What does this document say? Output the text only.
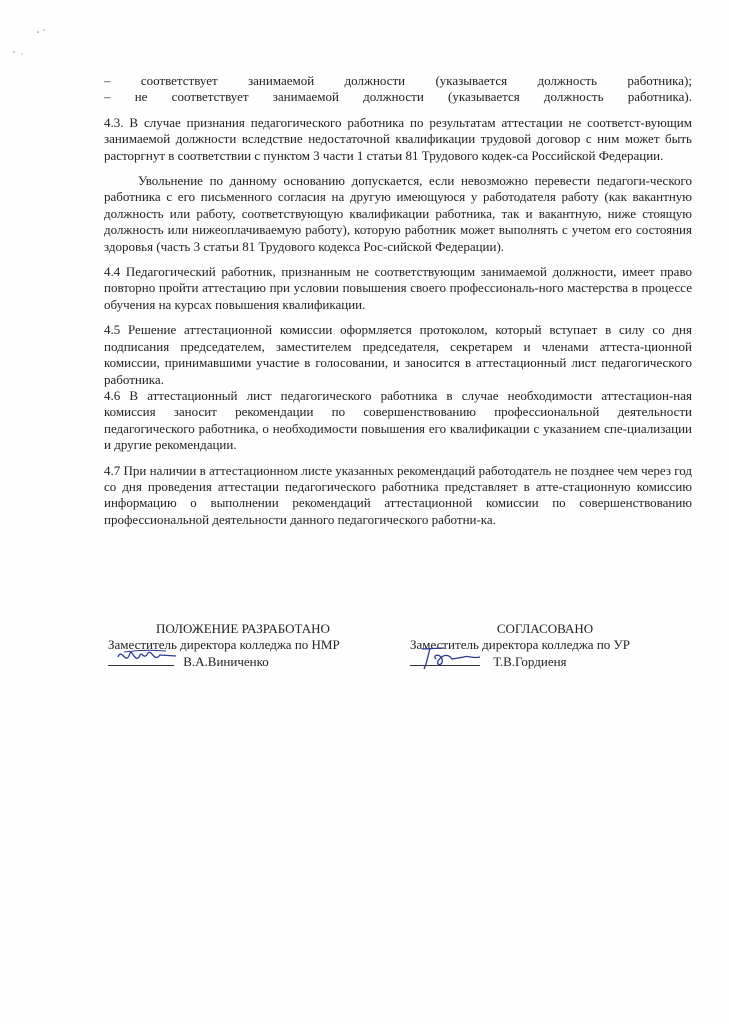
– соответствует занимаемой должности (указывается должность работника);

– не соответствует занимаемой должности (указывается должность работника).

4.3. В случае признания педагогического работника по результатам аттестации не соответст-вующим занимаемой должности вследствие недостаточной квалификации трудовой договор с ним может быть расторгнут в соответствии с пунктом 3 части 1 статьи 81 Трудового кодек-са Российской Федерации.

Увольнение по данному основанию допускается, если невозможно перевести педагоги-ческого работника с его письменного согласия на другую имеющуюся у работодателя работу (как вакантную должность или работу, соответствующую квалификации работника, так и вакантную, ниже стоящую должность или нижеоплачиваемую работу), которую работник может выполнять с учетом его состояния здоровья (часть 3 статьи 81 Трудового кодекса Рос-сийской Федерации).

4.4 Педагогический работник, признанным не соответствующим занимаемой должности, имеет право повторно пройти аттестацию при условии повышения своего профессиональ-ного мастерства в процессе обучения на курсах повышения квалификации.

4.5 Решение аттестационной комиссии оформляется протоколом, который вступает в силу со дня подписания председателем, заместителем председателя, секретарем и членами аттеста-ционной комиссии, принимавшими участие в голосовании, и заносится в аттестационный лист педагогического работника.

4.6 В аттестационный лист педагогического работника в случае необходимости аттестацион-ная комиссия заносит рекомендации по совершенствованию профессиональной деятельности педагогического работника, о необходимости повышения его квалификации с указанием спе-циализации и другие рекомендации.

4.7 При наличии в аттестационном листе указанных рекомендаций работодатель не позднее чем через год со дня проведения аттестации педагогического работника представляет в атте-стационную комиссию информацию о выполнении рекомендаций аттестационной комиссии по совершенствованию профессиональной деятельности данного педагогического работни-ка.

ПОЛОЖЕНИЕ РАЗРАБОТАНО
Заместитель директора колледжа по НМР

В.А.Виниченко
СОГЛАСОВАНО
Заместитель директора колледжа по УР

Т.В.Гордиеня
